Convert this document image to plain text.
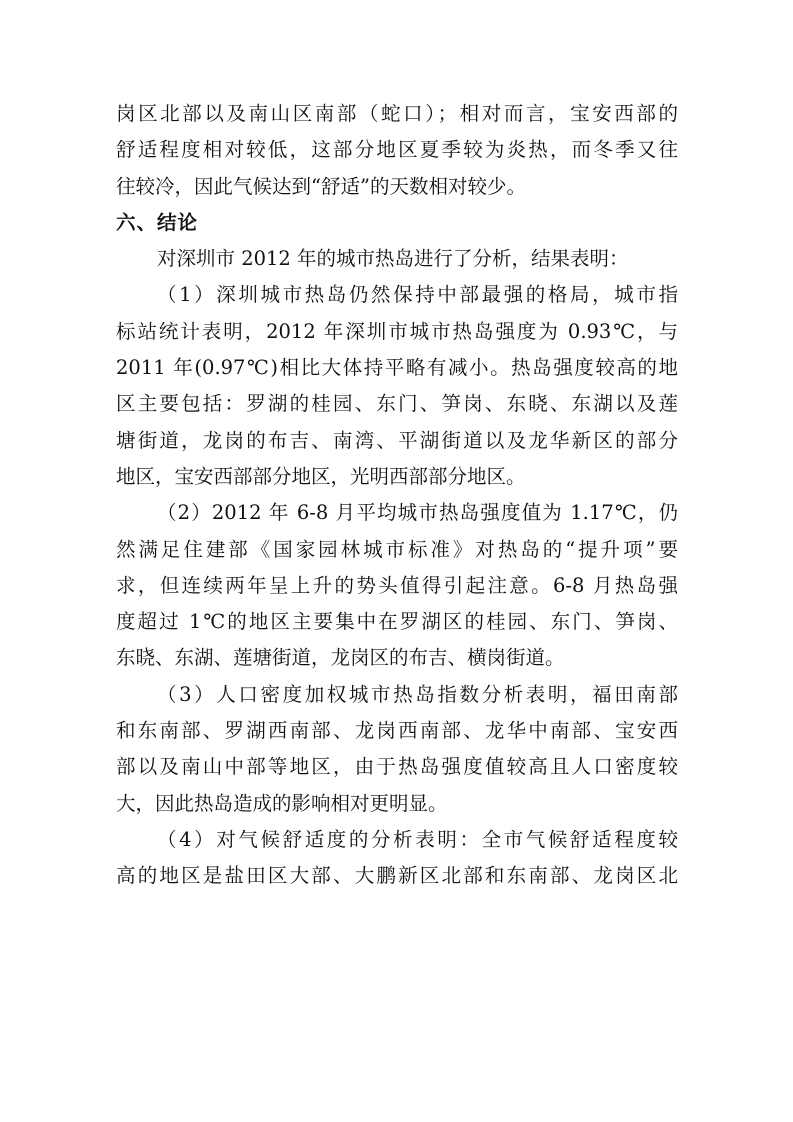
岗区北部以及南山区南部（蛇口）；相对而言，宝安西部的
舒适程度相对较低，这部分地区夏季较为炎热，而冬季又往
往较冷，因此气候达到“舒适”的天数相对较少。
六、结论
对深圳市 2012 年的城市热岛进行了分析，结果表明：
（1）深圳城市热岛仍然保持中部最强的格局，城市指
标站统计表明，2012 年深圳市城市热岛强度为 0.93℃，与
2011 年(0.97℃)相比大体持平略有减小。热岛强度较高的地
区主要包括：罗湖的桂园、东门、笋岗、东晓、东湖以及莲
塘街道，龙岗的布吉、南湾、平湖街道以及龙华新区的部分
地区，宝安西部部分地区，光明西部部分地区。
（2）2012 年 6-8 月平均城市热岛强度值为 1.17℃，仍
然满足住建部《国家园林城市标准》对热岛的“提升项”要
求，但连续两年呈上升的势头值得引起注意。6-8 月热岛强
度超过 1℃的地区主要集中在罗湖区的桂园、东门、笋岗、
东晓、东湖、莲塘街道，龙岗区的布吉、横岗街道。
（3）人口密度加权城市热岛指数分析表明，福田南部
和东南部、罗湖西南部、龙岗西南部、龙华中南部、宝安西
部以及南山中部等地区，由于热岛强度值较高且人口密度较
大，因此热岛造成的影响相对更明显。
（4）对气候舒适度的分析表明：全市气候舒适程度较
高的地区是盐田区大部、大鹏新区北部和东南部、龙岗区北
